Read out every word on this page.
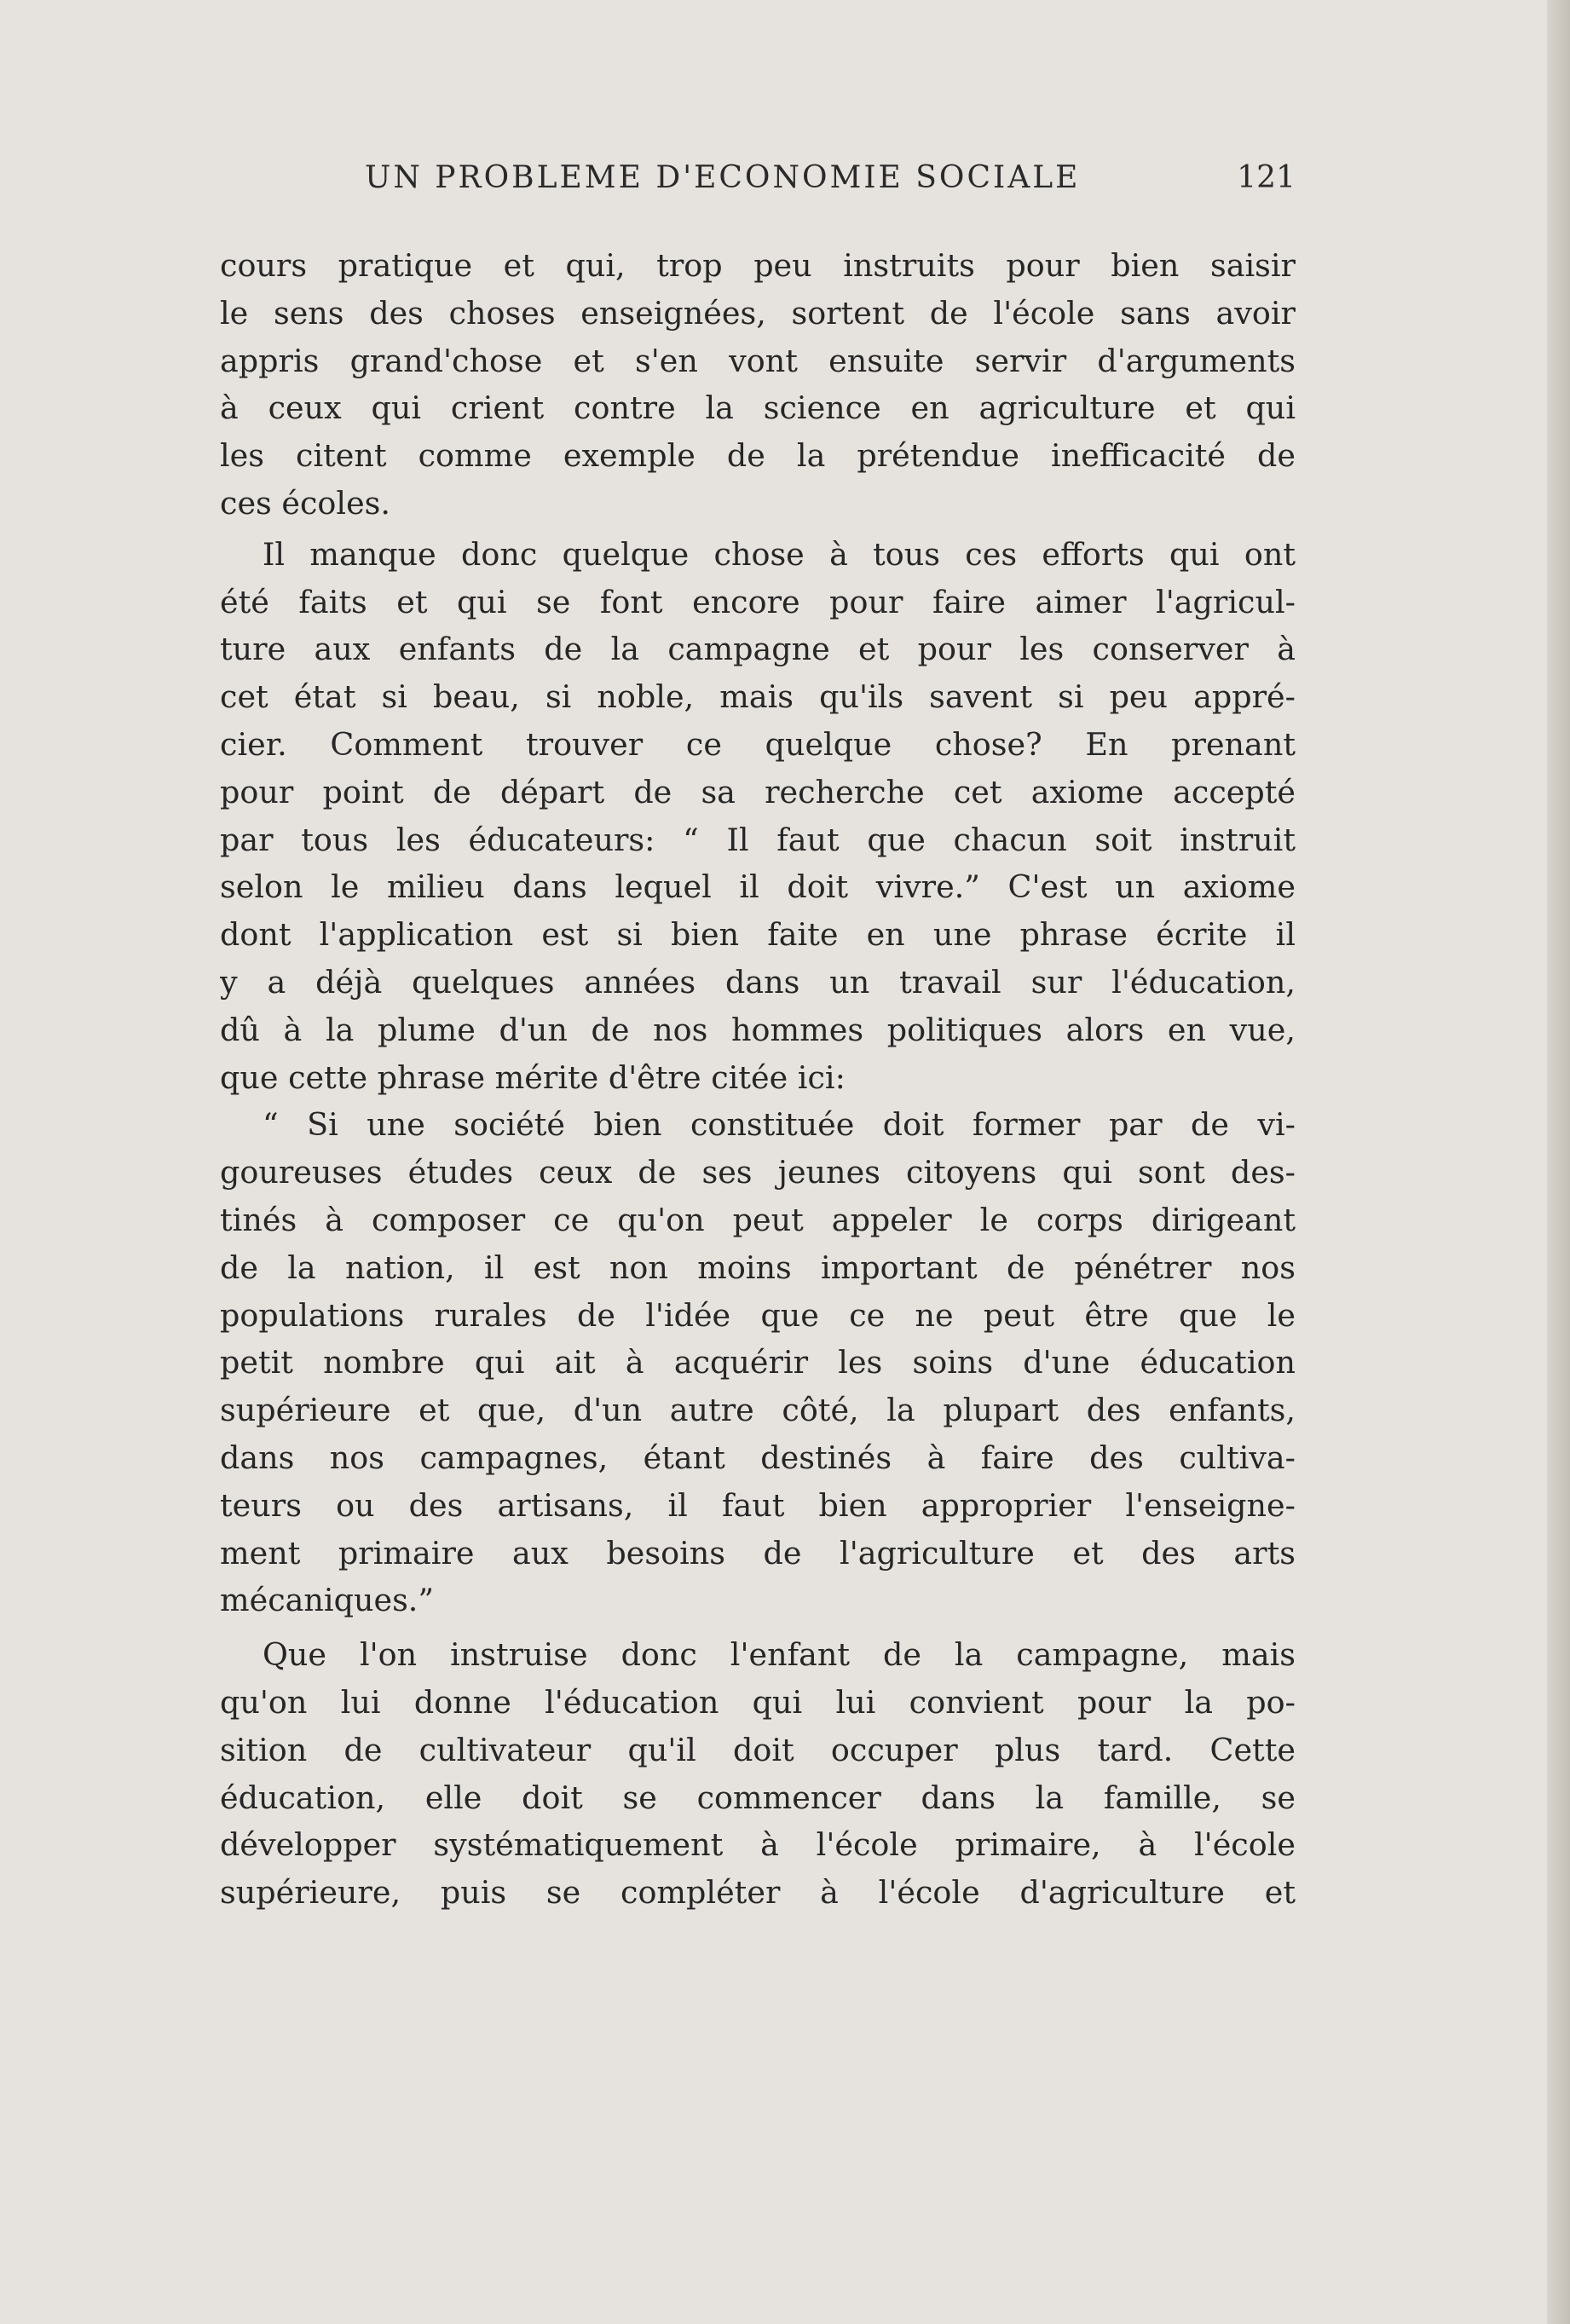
UN PROBLEME D'ECONOMIE SOCIALE	121
cours pratique et qui, trop peu instruits pour bien saisir
le sens des choses enseignées, sortent de l'école sans avoir
appris grand'chose et s'en vont ensuite servir d'arguments
à ceux qui crient contre la science en agriculture et qui
les citent comme exemple de la prétendue inefficacité de
ces écoles.
Il manque donc quelque chose à tous ces efforts qui ont
été faits et qui se font encore pour faire aimer l'agricul-
ture aux enfants de la campagne et pour les conserver à
cet état si beau, si noble, mais qu'ils savent si peu appré-
cier. Comment trouver ce quelque chose? En prenant
pour point de départ de sa recherche cet axiome accepté
par tous les éducateurs: “ Il faut que chacun soit instruit
selon le milieu dans lequel il doit vivre.” C'est un axiome
dont l'application est si bien faite en une phrase écrite il
y a déjà quelques années dans un travail sur l'éducation,
dû à la plume d'un de nos hommes politiques alors en vue,
que cette phrase mérite d'être citée ici:
“ Si une société bien constituée doit former par de vi-
goureuses études ceux de ses jeunes citoyens qui sont des-
tinés à composer ce qu'on peut appeler le corps dirigeant
de la nation, il est non moins important de pénétrer nos
populations rurales de l'idée que ce ne peut être que le
petit nombre qui ait à acquérir les soins d'une éducation
supérieure et que, d'un autre côté, la plupart des enfants,
dans nos campagnes, étant destinés à faire des cultiva-
teurs ou des artisans, il faut bien approprier l'enseigne-
ment primaire aux besoins de l'agriculture et des arts
mécaniques.”
Que l'on instruise donc l'enfant de la campagne, mais
qu'on lui donne l'éducation qui lui convient pour la po-
sition de cultivateur qu'il doit occuper plus tard. Cette
éducation, elle doit se commencer dans la famille, se
développer systématiquement à l'école primaire, à l'école
supérieure, puis se compléter à l'école d'agriculture et
